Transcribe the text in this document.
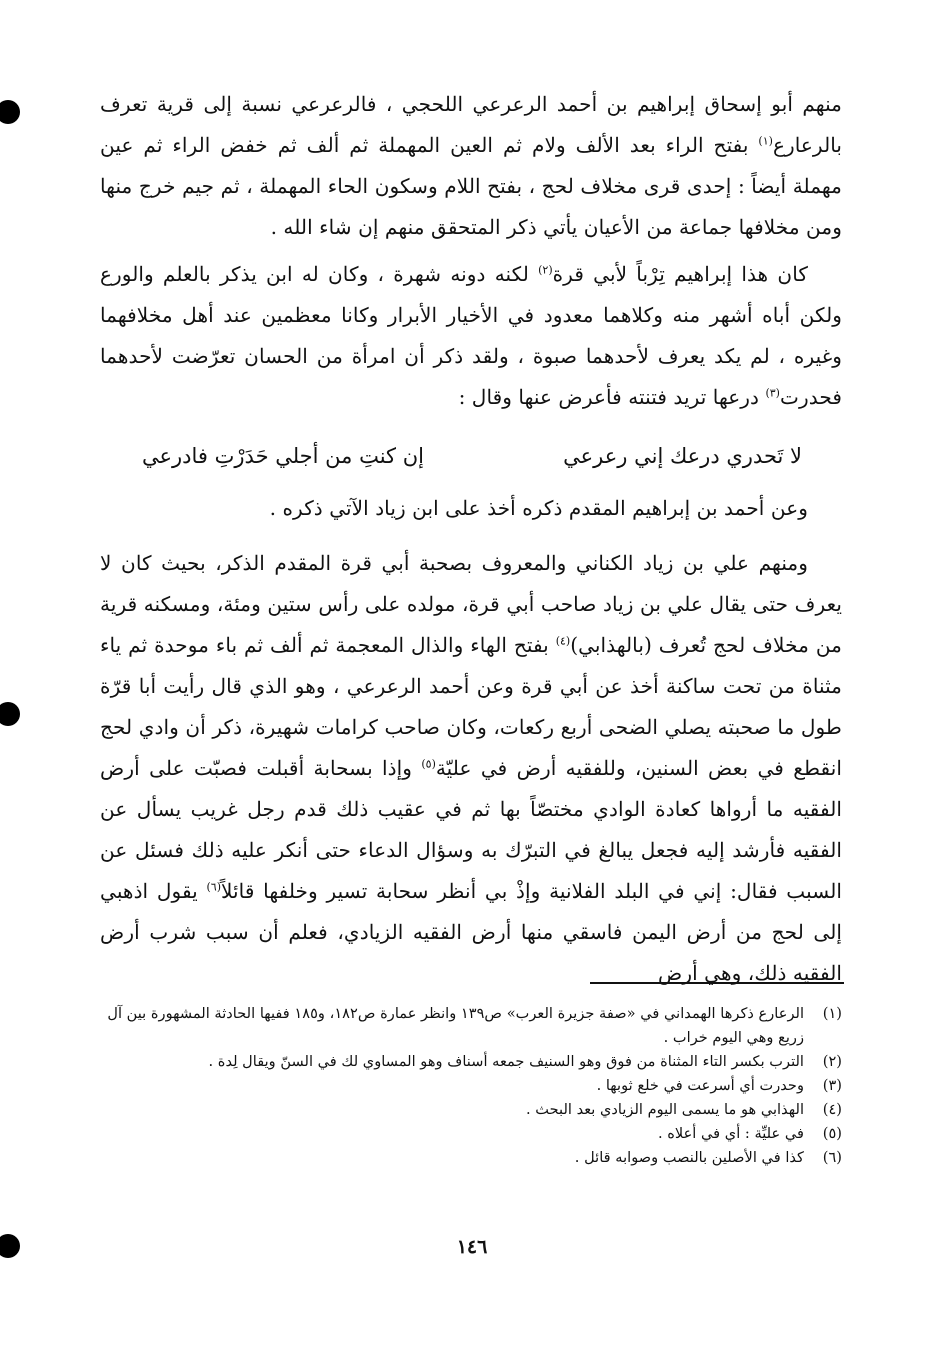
منهم أبو إسحاق إبراهيم بن أحمد الرعرعي اللحجي ، فالرعرعي نسبة إلى قرية تعرف بالرعارع$^{(١)}$ بفتح الراء بعد الألف ولام ثم العين المهملة ثم ألف ثم خفض الراء ثم عين مهملة أيضاً : إحدى قرى مخلاف لحج ، بفتح اللام وسكون الحاء المهملة ، ثم جيم خرج منها ومن مخلافها جماعة من الأعيان يأتي ذكر المتحقق منهم إن شاء الله .

كان هذا إبراهيم تِرْباً لأبي قرة$^{(٢)}$ لكنه دونه شهرة ، وكان له ابن يذكر بالعلم والورع ولكن أباه أشهر منه وكلاهما معدود في الأخيار الأبرار وكانا معظمين عند أهل مخلافهما وغيره ، لم يكد يعرف لأحدهما صبوة ، ولقد ذكر أن امرأة من الحسان تعرّضت لأحدهما فحدرت$^{(٣)}$ درعها تريد فتنته فأعرض عنها وقال :

لا تَحدري درعك إني رعرعي
إن كنتِ من أجلي حَدَرْتِ فادرعي
وعن أحمد بن إبراهيم المقدم ذكره أخذ على ابن زياد الآتي ذكره .

ومنهم علي بن زياد الكناني والمعروف بصحبة أبي قرة المقدم الذكر، بحيث كان لا يعرف حتى يقال علي بن زياد صاحب أبي قرة، مولده على رأس ستين ومئة، ومسكنه قرية من مخلاف لحج تُعرف (بالهذابي)$^{(٤)}$ بفتح الهاء والذال المعجمة ثم ألف ثم باء موحدة ثم ياء مثناة من تحت ساكنة أخذ عن أبي قرة وعن أحمد الرعرعي ، وهو الذي قال رأيت أبا قرّة طول ما صحبته يصلي الضحى أربع ركعات، وكان صاحب كرامات شهيرة، ذكر أن وادي لحج انقطع في بعض السنين، وللفقيه أرض في عليّة$^{(٥)}$ وإذا بسحابة أقبلت فصبّت على أرض الفقيه ما أرواها كعادة الوادي مختصّاً بها ثم في عقيب ذلك قدم رجل غريب يسأل عن الفقيه فأرشد إليه فجعل يبالغ في التبرّك به وسؤال الدعاء حتى أنكر عليه ذلك فسئل عن السبب فقال: إني في البلد الفلانية وإذْ بي أنظر سحابة تسير وخلفها قائلاً$^{(٦)}$ يقول اذهبي إلى لحج من أرض اليمن فاسقي منها أرض الفقيه الزيادي، فعلم أن سبب شرب أرض الفقيه ذلك، وهي أرض

(١)
الرعارع ذكرها الهمداني في «صفة جزيرة العرب» ص١٣٩ وانظر عمارة ص١٨٢، و١٨٥ ففيها الحادثة المشهورة بين آل زريع وهي اليوم خراب .
(٢)
الترب بكسر التاء المثناة من فوق وهو السنيف جمعه أسناف وهو المساوي لك في السنّ ويقال لِدة .
(٣)
وحدرت أي أسرعت في خلع ثوبها .
(٤)
الهذابي هو ما يسمى اليوم الزيادي بعد البحث .
(٥)
في عليِّة : أي في أعلاه .
(٦)
كذا في الأصلين بالنصب وصوابه قائل .
١٤٦
